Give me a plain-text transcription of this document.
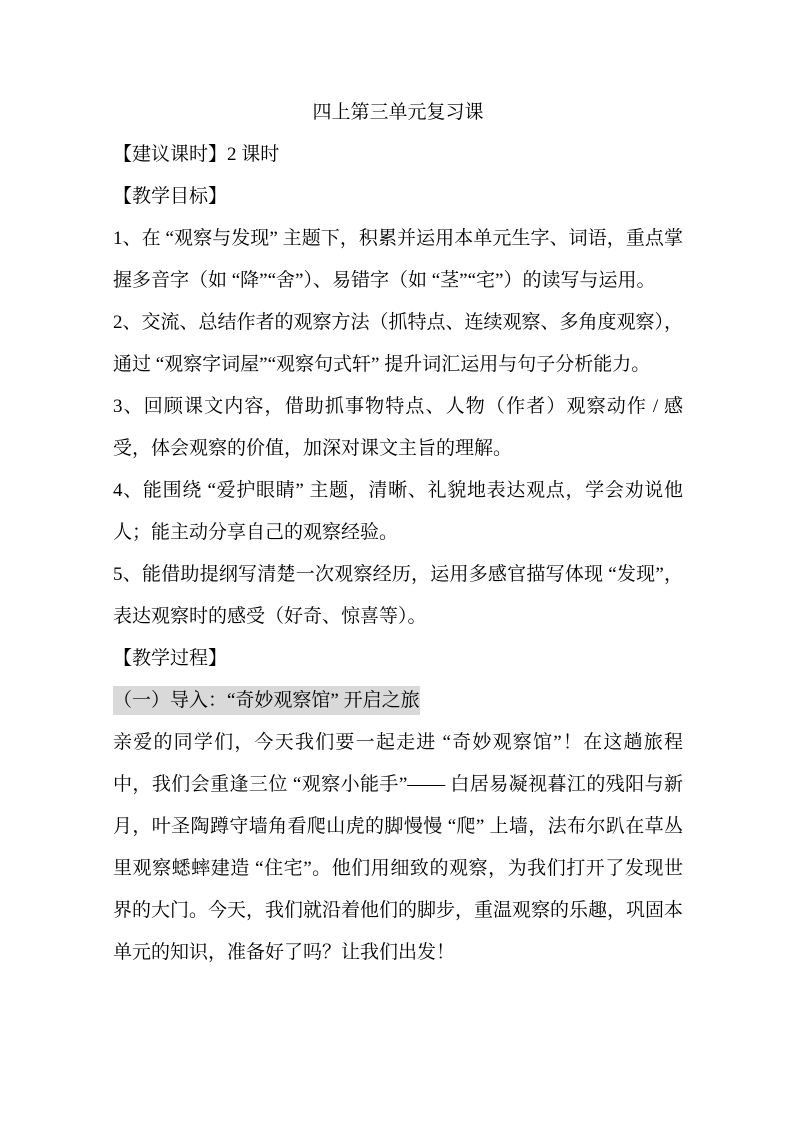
四上第三单元复习课

【建议课时】2 课时

【教学目标】

1、在 “观察与发现” 主题下，积累并运用本单元生字、词语，重点掌握多音字（如 “降”“舍”）、易错字（如 “茎”“宅”）的读写与运用。

2、交流、总结作者的观察方法（抓特点、连续观察、多角度观察），通过 “观察字词屋”“观察句式轩” 提升词汇运用与句子分析能力。

3、回顾课文内容，借助抓事物特点、人物（作者）观察动作 / 感受，体会观察的价值，加深对课文主旨的理解。

4、能围绕 “爱护眼睛” 主题，清晰、礼貌地表达观点，学会劝说他人；能主动分享自己的观察经验。

5、能借助提纲写清楚一次观察经历，运用多感官描写体现 “发现”，表达观察时的感受（好奇、惊喜等）。

【教学过程】

（一）导入：“奇妙观察馆” 开启之旅

亲爱的同学们，今天我们要一起走进 “奇妙观察馆”！在这趟旅程中，我们会重逢三位 “观察小能手”—— 白居易凝视暮江的残阳与新月，叶圣陶蹲守墙角看爬山虎的脚慢慢 “爬” 上墙，法布尔趴在草丛里观察蟋蟀建造 “住宅”。他们用细致的观察，为我们打开了发现世界的大门。今天，我们就沿着他们的脚步，重温观察的乐趣，巩固本单元的知识，准备好了吗？让我们出发！
